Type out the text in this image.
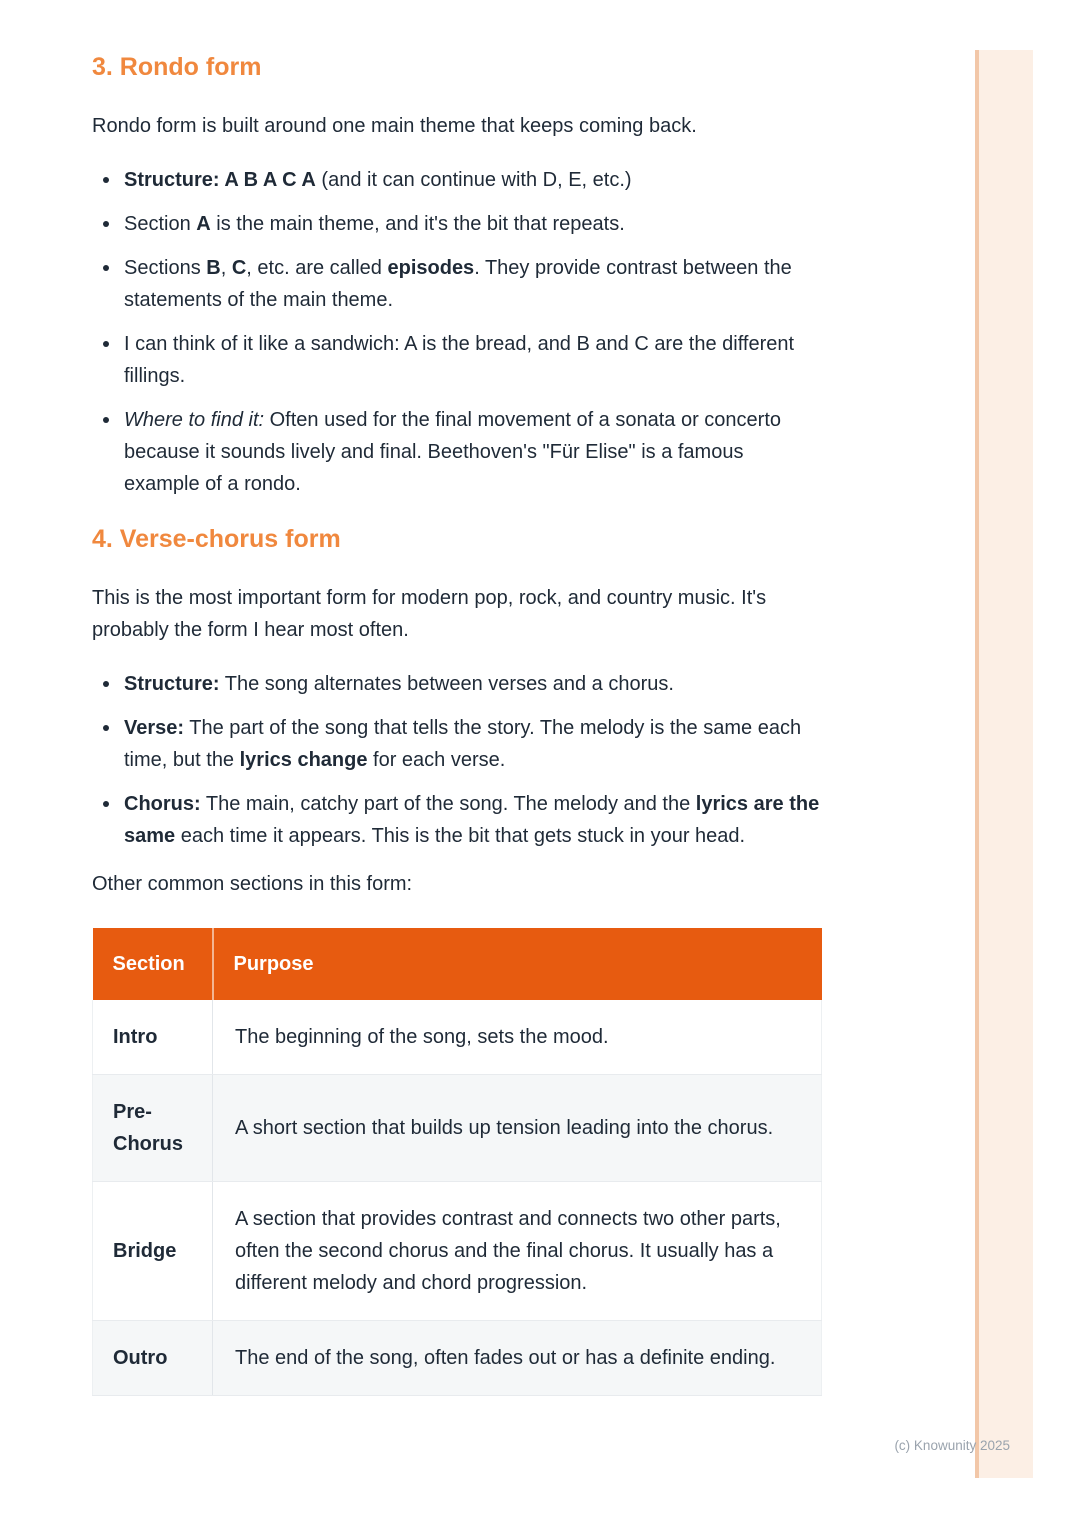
3. Rondo form

Rondo form is built around one main theme that keeps coming back.

Structure: A B A C A (and it can continue with D, E, etc.)
Section A is the main theme, and it's the bit that repeats.
Sections B, C, etc. are called episodes. They provide contrast between the statements of the main theme.
I can think of it like a sandwich: A is the bread, and B and C are the different fillings.
Where to find it: Often used for the final movement of a sonata or concerto because it sounds lively and final. Beethoven's "Für Elise" is a famous example of a rondo.
4. Verse-chorus form

This is the most important form for modern pop, rock, and country music. It's probably the form I hear most often.

Structure: The song alternates between verses and a chorus.
Verse: The part of the song that tells the story. The melody is the same each time, but the lyrics change for each verse.
Chorus: The main, catchy part of the song. The melody and the lyrics are the same each time it appears. This is the bit that gets stuck in your head.

Other common sections in this form:

Section	Purpose
Intro	The beginning of the song, sets the mood.
Pre-Chorus	A short section that builds up tension leading into the chorus.
Bridge	A section that provides contrast and connects two other parts, often the second chorus and the final chorus. It usually has a different melody and chord progression.
Outro	The end of the song, often fades out or has a definite ending.
(c) Knowunity 2025
